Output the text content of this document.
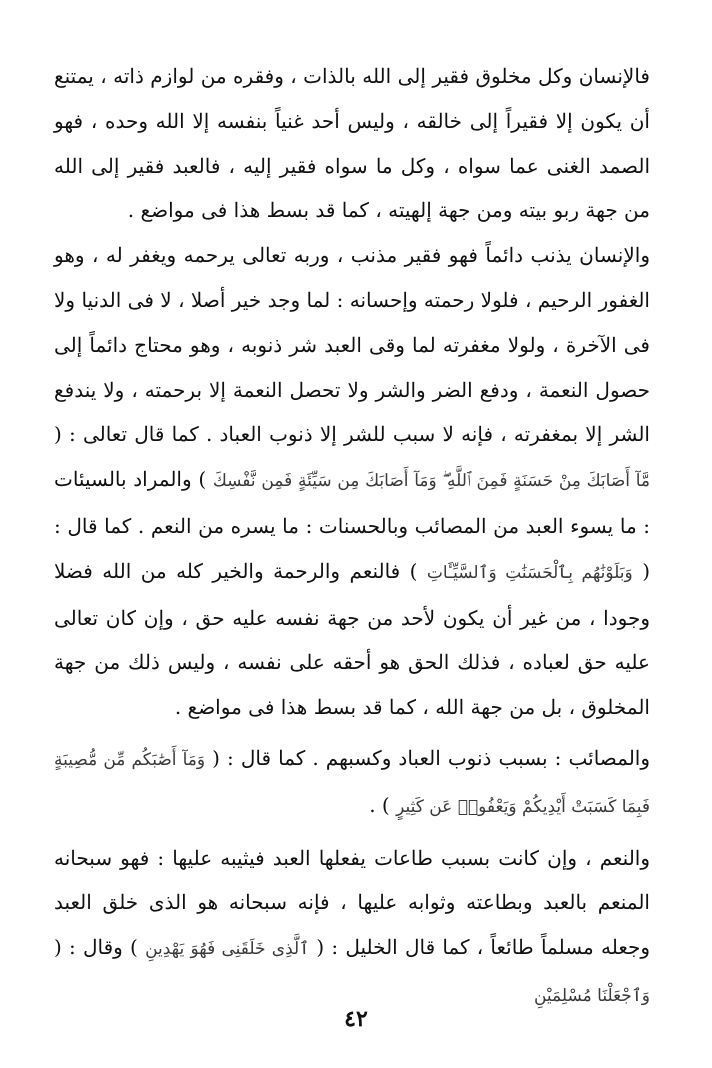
فالإنسان وكل مخلوق فقير إلى الله بالذات ، وفقره من لوازم ذاته ، يمتنع أن يكون إلا فقيراً إلى خالقه ، وليس أحد غنياً بنفسه إلا الله وحده ، فهو الصمد الغنى عما سواه ، وكل ما سواه فقير إليه ، فالعبد فقير إلى الله من جهة ربو بيته ومن جهة إلهيته ، كما قد بسط هذا فى مواضع .

والإنسان يذنب دائماً فهو فقير مذنب ، وربه تعالى يرحمه ويغفر له ، وهو الغفور الرحيم ، فلولا رحمته وإحسانه : لما وجد خير أصلا ، لا فى الدنيا ولا فى الآخرة ، ولولا مغفرته لما وقى العبد شر ذنوبه ، وهو محتاج دائماً إلى حصول النعمة ، ودفع الضر والشر ولا تحصل النعمة إلا برحمته ، ولا يندفع الشر إلا بمغفرته ، فإنه لا سبب للشر إلا ذنوب العباد . كما قال تعالى : ( مَّآ أَصَابَكَ مِنْ حَسَنَةٍ فَمِنَ ٱللَّهِ ۖ وَمَآ أَصَابَكَ مِن سَيِّئَةٍ فَمِن نَّفْسِكَ ) والمراد بالسيئات : ما يسوء العبد من المصائب وبالحسنات : ما يسره من النعم . كما قال : ( وَبَلَوْنَٰهُم بِٱلْحَسَنَٰتِ وَٱلسَّيِّـَٔاتِ ) فالنعم والرحمة والخير كله من الله فضلا وجودا ، من غير أن يكون لأحد من جهة نفسه عليه حق ، وإن كان تعالى عليه حق لعباده ، فذلك الحق هو أحقه على نفسه ، وليس ذلك من جهة المخلوق ، بل من جهة الله ، كما قد بسط هذا فى مواضع .

والمصائب : بسبب ذنوب العباد وكسبهم . كما قال : ( وَمَآ أَصَٰبَكُم مِّن مُّصِيبَةٍ فَبِمَا كَسَبَتْ أَيْدِيكُمْ وَيَعْفُوا۟ عَن كَثِيرٍ ) .

والنعم ، وإن كانت بسبب طاعات يفعلها العبد فيثيبه عليها : فهو سبحانه المنعم بالعبد وبطاعته وثوابه عليها ، فإنه سبحانه هو الذى خلق العبد وجعله مسلماً طائعاً ، كما قال الخليل : ( ٱلَّذِى خَلَقَنِى فَهُوَ يَهْدِينِ ) وقال : ( وَٱجْعَلْنَا مُسْلِمَيْنِ

٤٢
